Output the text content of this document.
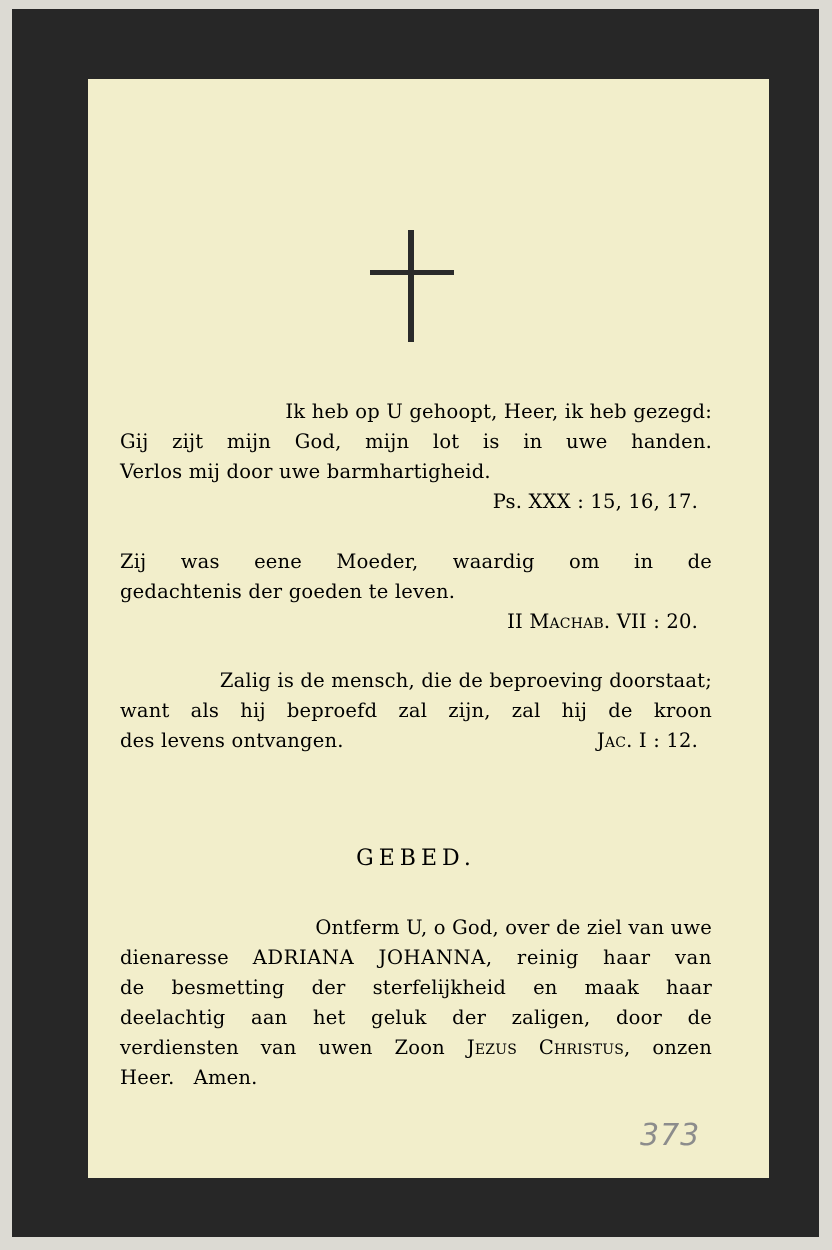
Ik heb op U gehoopt, Heer, ik heb gezegd:
Gij zijt mijn God, mijn lot is in uwe handen.
Verlos mij door uwe barmhartigheid.
Ps. XXX : 15, 16, 17.
Zij was eene Moeder, waardig om in de
gedachtenis der goeden te leven.
II Machab. VII : 20.
Zalig is de mensch, die de beproeving doorstaat;
want als hij beproefd zal zijn, zal hij de kroon
des levens ontvangen.	Jac. I : 12.
GEBED.
Ontferm U, o God, over de ziel van uwe
dienaresse ADRIANA JOHANNA, reinig haar van
de besmetting der sterfelijkheid en maak haar
deelachtig aan het geluk der zaligen, door de
verdiensten van uwen Zoon Jezus Christus, onzen
Heer.   Amen.
373
